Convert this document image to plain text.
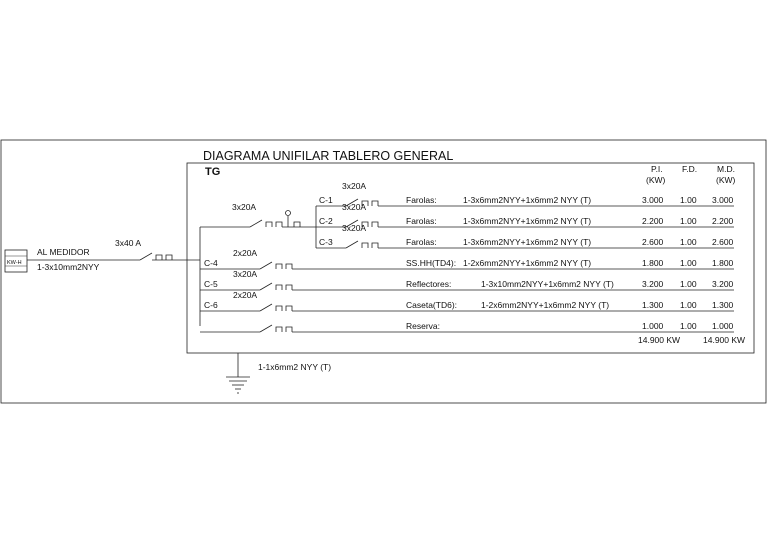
DIAGRAMA UNIFILAR TABLERO GENERAL
TG
KW-H
AL MEDIDOR
1-3x10mm2NYY
3x40 A
3x20A
C-1
3x20A
Farolas:	1-3x6mm2NYY+1x6mm2 NYY (T)	3.000 1.00 3.000
C-2
3x20A
Farolas:	1-3x6mm2NYY+1x6mm2 NYY (T)	2.200 1.00 2.200
C-3
3x20A
Farolas:	1-3x6mm2NYY+1x6mm2 NYY (T)	2.600 1.00 2.600
C-4
2x20A
SS.HH(TD4): 1-2x6mm2NYY+1x6mm2 NYY (T)	1.800 1.00 1.800
C-5
3x20A
Reflectores:	1-3x10mm2NYY+1x6mm2 NYY (T)	3.200 1.00 3.200
C-6
2x20A
Caseta(TD6):	1-2x6mm2NYY+1x6mm2 NYY (T)	1.300 1.00 1.300
Reserva:	1.000 1.00 1.000
P.I.
(KW)
F.D. M.D.
(KW)
14.900 KW	14.900 KW
1-1x6mm2 NYY (T)
